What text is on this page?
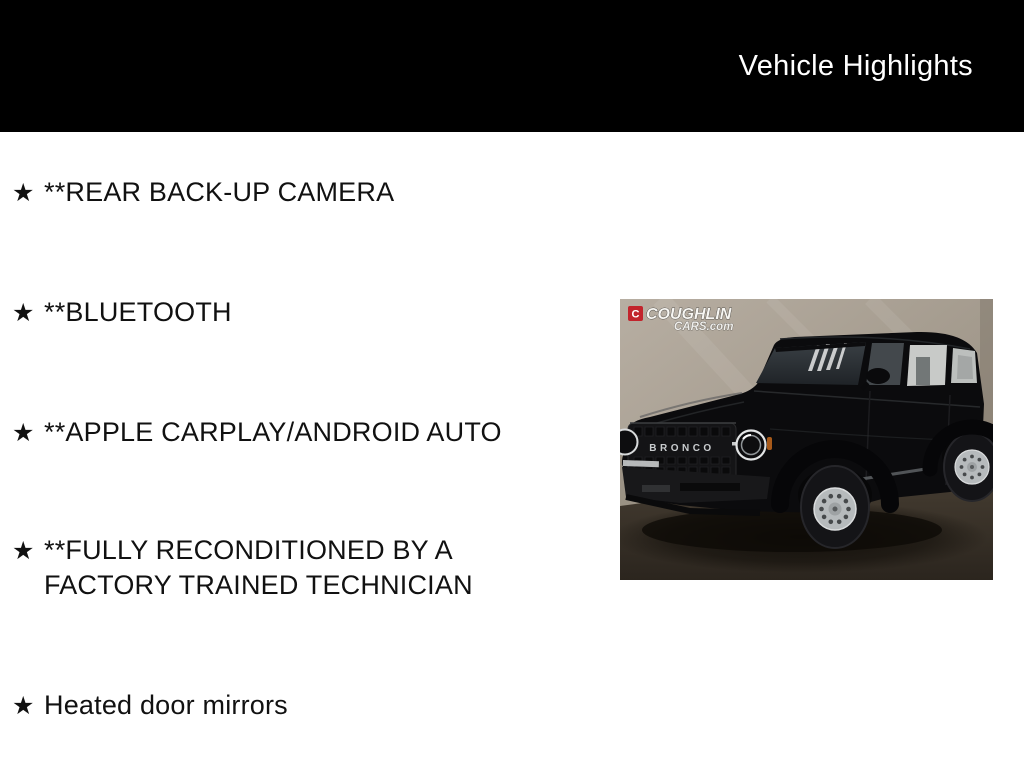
Vehicle Highlights
★ **REAR BACK-UP CAMERA
★ **BLUETOOTH
★ **APPLE CARPLAY/ANDROID AUTO
★ **FULLY RECONDITIONED BY A
FACTORY TRAINED TECHNICIAN
★ Heated door mirrors
BRONCO
C COUGHLIN
CARS.com
